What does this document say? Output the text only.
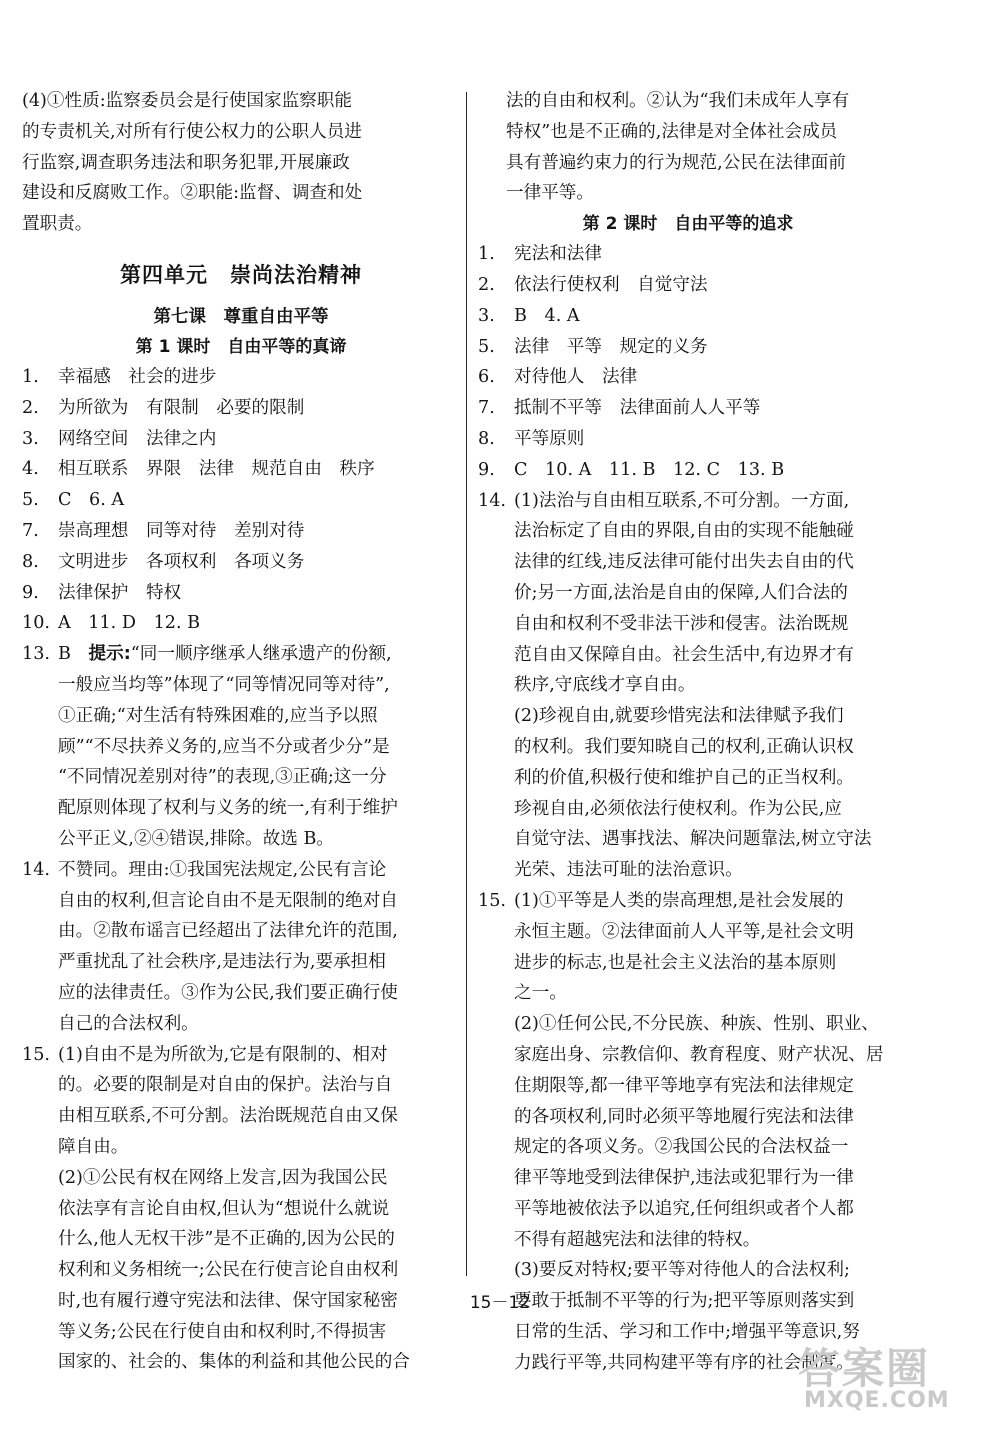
(4)①性质:监察委员会是行使国家监察职能
的专责机关,对所有行使公权力的公职人员进
行监察,调查职务违法和职务犯罪,开展廉政
建设和反腐败工作。②职能:监督、调查和处
置职责。
第四单元　崇尚法治精神
第七课　尊重自由平等
第 1 课时　自由平等的真谛
1. 幸福感　社会的进步
2. 为所欲为　有限制　必要的限制
3. 网络空间　法律之内
4. 相互联系　界限　法律　规范自由　秩序
5. C　6. A
7. 崇高理想　同等对待　差别对待
8. 文明进步　各项权利　各项义务
9. 法律保护　特权
10. A　11. D　12. B
13. B　 提示:“同一顺序继承人继承遗产的份额,
一般应当均等”体现了“同等情况同等对待”,
①正确;“对生活有特殊困难的,应当予以照
顾”“不尽扶养义务的,应当不分或者少分”是
“不同情况差别对待”的表现,③正确;这一分
配原则体现了权利与义务的统一,有利于维护
公平正义,②④错误,排除。故选 B。
14. 不赞同。理由:①我国宪法规定,公民有言论
自由的权利,但言论自由不是无限制的绝对自
由。②散布谣言已经超出了法律允许的范围,
严重扰乱了社会秩序,是违法行为,要承担相
应的法律责任。③作为公民,我们要正确行使
自己的合法权利。
15. (1)自由不是为所欲为,它是有限制的、相对
的。必要的限制是对自由的保护。法治与自
由相互联系,不可分割。法治既规范自由又保
障自由。
(2)①公民有权在网络上发言,因为我国公民
依法享有言论自由权,但认为“想说什么就说
什么,他人无权干涉”是不正确的,因为公民的
权利和义务相统一;公民在行使言论自由权利
时,也有履行遵守宪法和法律、保守国家秘密
等义务;公民在行使自由和权利时,不得损害
国家的、社会的、集体的利益和其他公民的合
法的自由和权利。②认为“我们未成年人享有
特权”也是不正确的,法律是对全体社会成员
具有普遍约束力的行为规范,公民在法律面前
一律平等。
第 2 课时　自由平等的追求
1. 宪法和法律
2. 依法行使权利　自觉守法
3. B　4. A
5. 法律　平等　规定的义务
6. 对待他人　法律
7. 抵制不平等　法律面前人人平等
8. 平等原则
9. C　10. A　11. B　12. C　13. B
14. (1)法治与自由相互联系,不可分割。一方面,
法治标定了自由的界限,自由的实现不能触碰
法律的红线,违反法律可能付出失去自由的代
价;另一方面,法治是自由的保障,人们合法的
自由和权利不受非法干涉和侵害。法治既规
范自由又保障自由。社会生活中,有边界才有
秩序,守底线才享自由。
(2)珍视自由,就要珍惜宪法和法律赋予我们
的权利。我们要知晓自己的权利,正确认识权
利的价值,积极行使和维护自己的正当权利。
珍视自由,必须依法行使权利。作为公民,应
自觉守法、遇事找法、解决问题靠法,树立守法
光荣、违法可耻的法治意识。
15. (1)①平等是人类的崇高理想,是社会发展的
永恒主题。②法律面前人人平等,是社会文明
进步的标志,也是社会主义法治的基本原则
之一。
(2)①任何公民,不分民族、种族、性别、职业、
家庭出身、宗教信仰、教育程度、财产状况、居
住期限等,都一律平等地享有宪法和法律规定
的各项权利,同时必须平等地履行宪法和法律
规定的各项义务。②我国公民的合法权益一
律平等地受到法律保护,违法或犯罪行为一律
平等地被依法予以追究,任何组织或者个人都
不得有超越宪法和法律的特权。
(3)要反对特权;要平等对待他人的合法权利;
要敢于抵制不平等的行为;把平等原则落实到
日常的生活、学习和工作中;增强平等意识,努
力践行平等,共同构建平等有序的社会制度。
15－12
答案圈
MXQE.COM
